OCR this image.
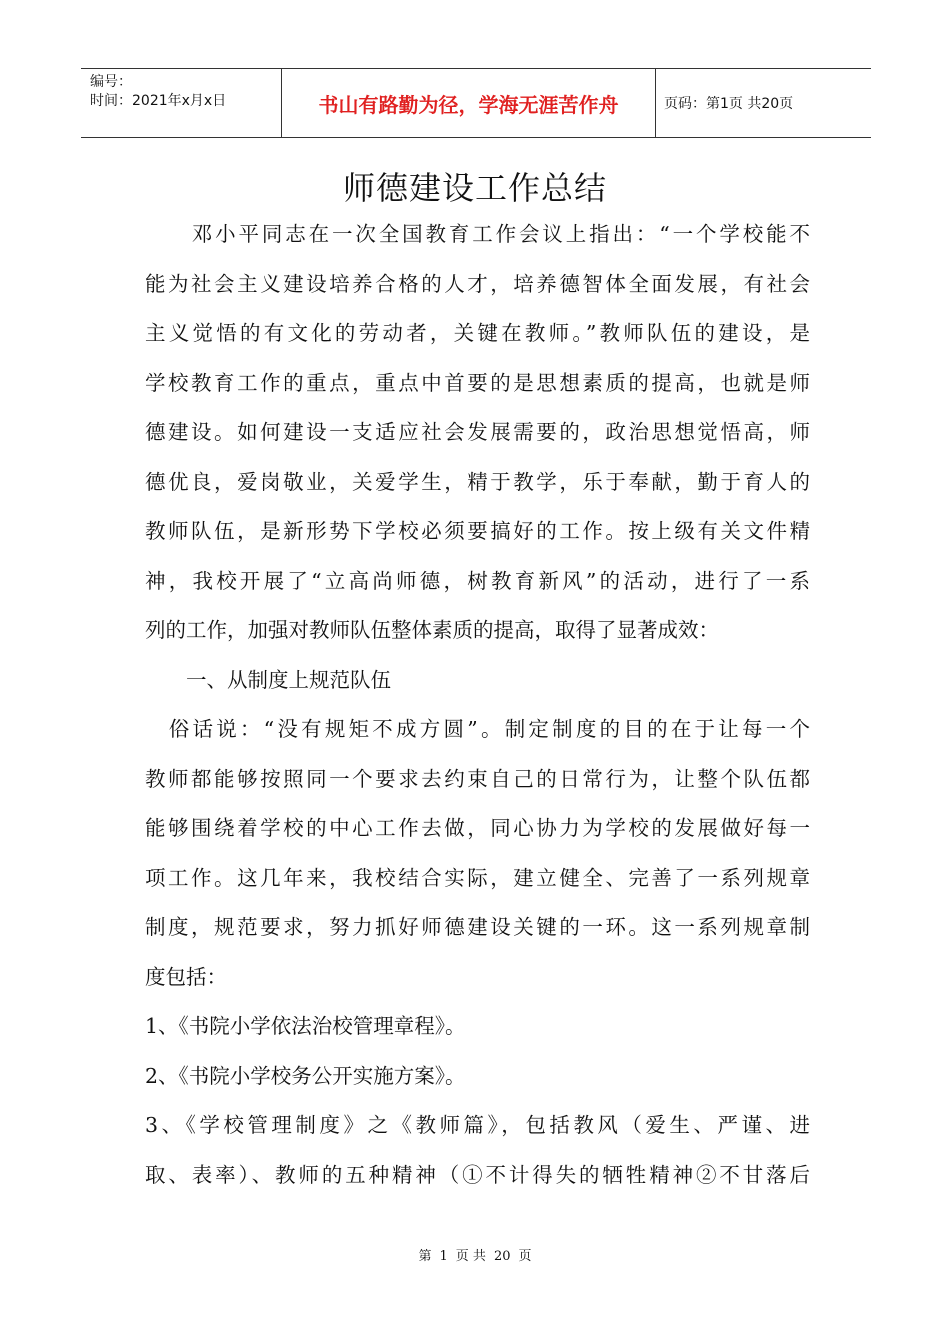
编号：
时间：2021年x月x日	书山有路勤为径，学海无涯苦作舟	页码：第1页 共20页
师德建设工作总结
　　邓小平同志在一次全国教育工作会议上指出：“一个学校能不
能为社会主义建设培养合格的人才，培养德智体全面发展，有社会
主义觉悟的有文化的劳动者，关键在教师。”教师队伍的建设，是
学校教育工作的重点，重点中首要的是思想素质的提高，也就是师
德建设。如何建设一支适应社会发展需要的，政治思想觉悟高，师
德优良，爱岗敬业，关爱学生，精于教学，乐于奉献，勤于育人的
教师队伍，是新形势下学校必须要搞好的工作。按上级有关文件精
神，我校开展了“立高尚师德，树教育新风”的活动，进行了一系
列的工作，加强对教师队伍整体素质的提高，取得了显著成效：
　　一、从制度上规范队伍
　俗话说：“没有规矩不成方圆”。制定制度的目的在于让每一个
教师都能够按照同一个要求去约束自己的日常行为，让整个队伍都
能够围绕着学校的中心工作去做，同心协力为学校的发展做好每一
项工作。这几年来，我校结合实际，建立健全、完善了一系列规章
制度，规范要求，努力抓好师德建设关键的一环。这一系列规章制
度包括：
1、《书院小学依法治校管理章程》。
2、《书院小学校务公开实施方案》。
3、《学校管理制度》之《教师篇》，包括教风（爱生、严谨、进
取、表率）、教师的五种精神（①不计得失的牺牲精神②不甘落后
第 1 页 共 20 页
